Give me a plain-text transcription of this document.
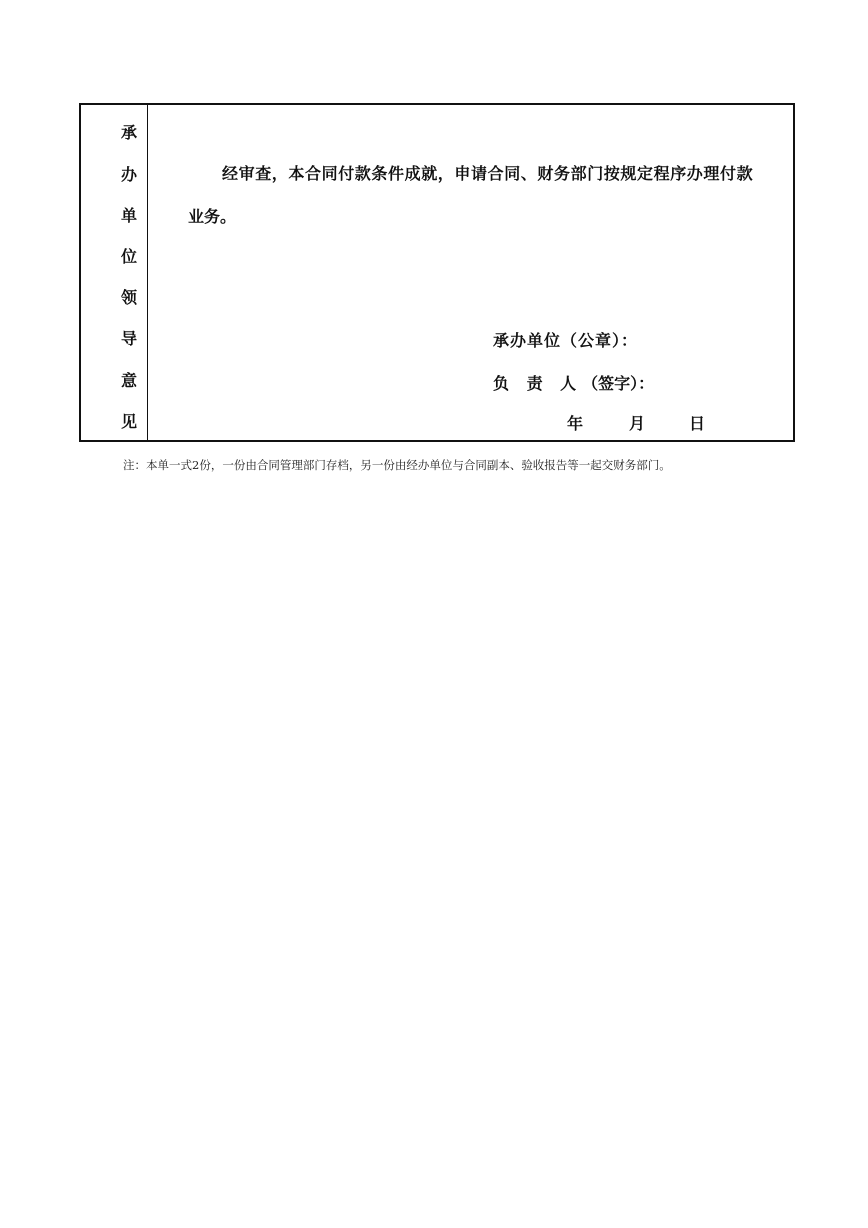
承
办
单
位
领
导
意
见
经审查，本合同付款条件成就，申请合同、财务部门按规定程序办理付款
业务。
承办单位（公章）：
负 责 人（签字）：
年	月	日
注：本单一式2份，一份由合同管理部门存档，另一份由经办单位与合同副本、验收报告等一起交财务部门。
